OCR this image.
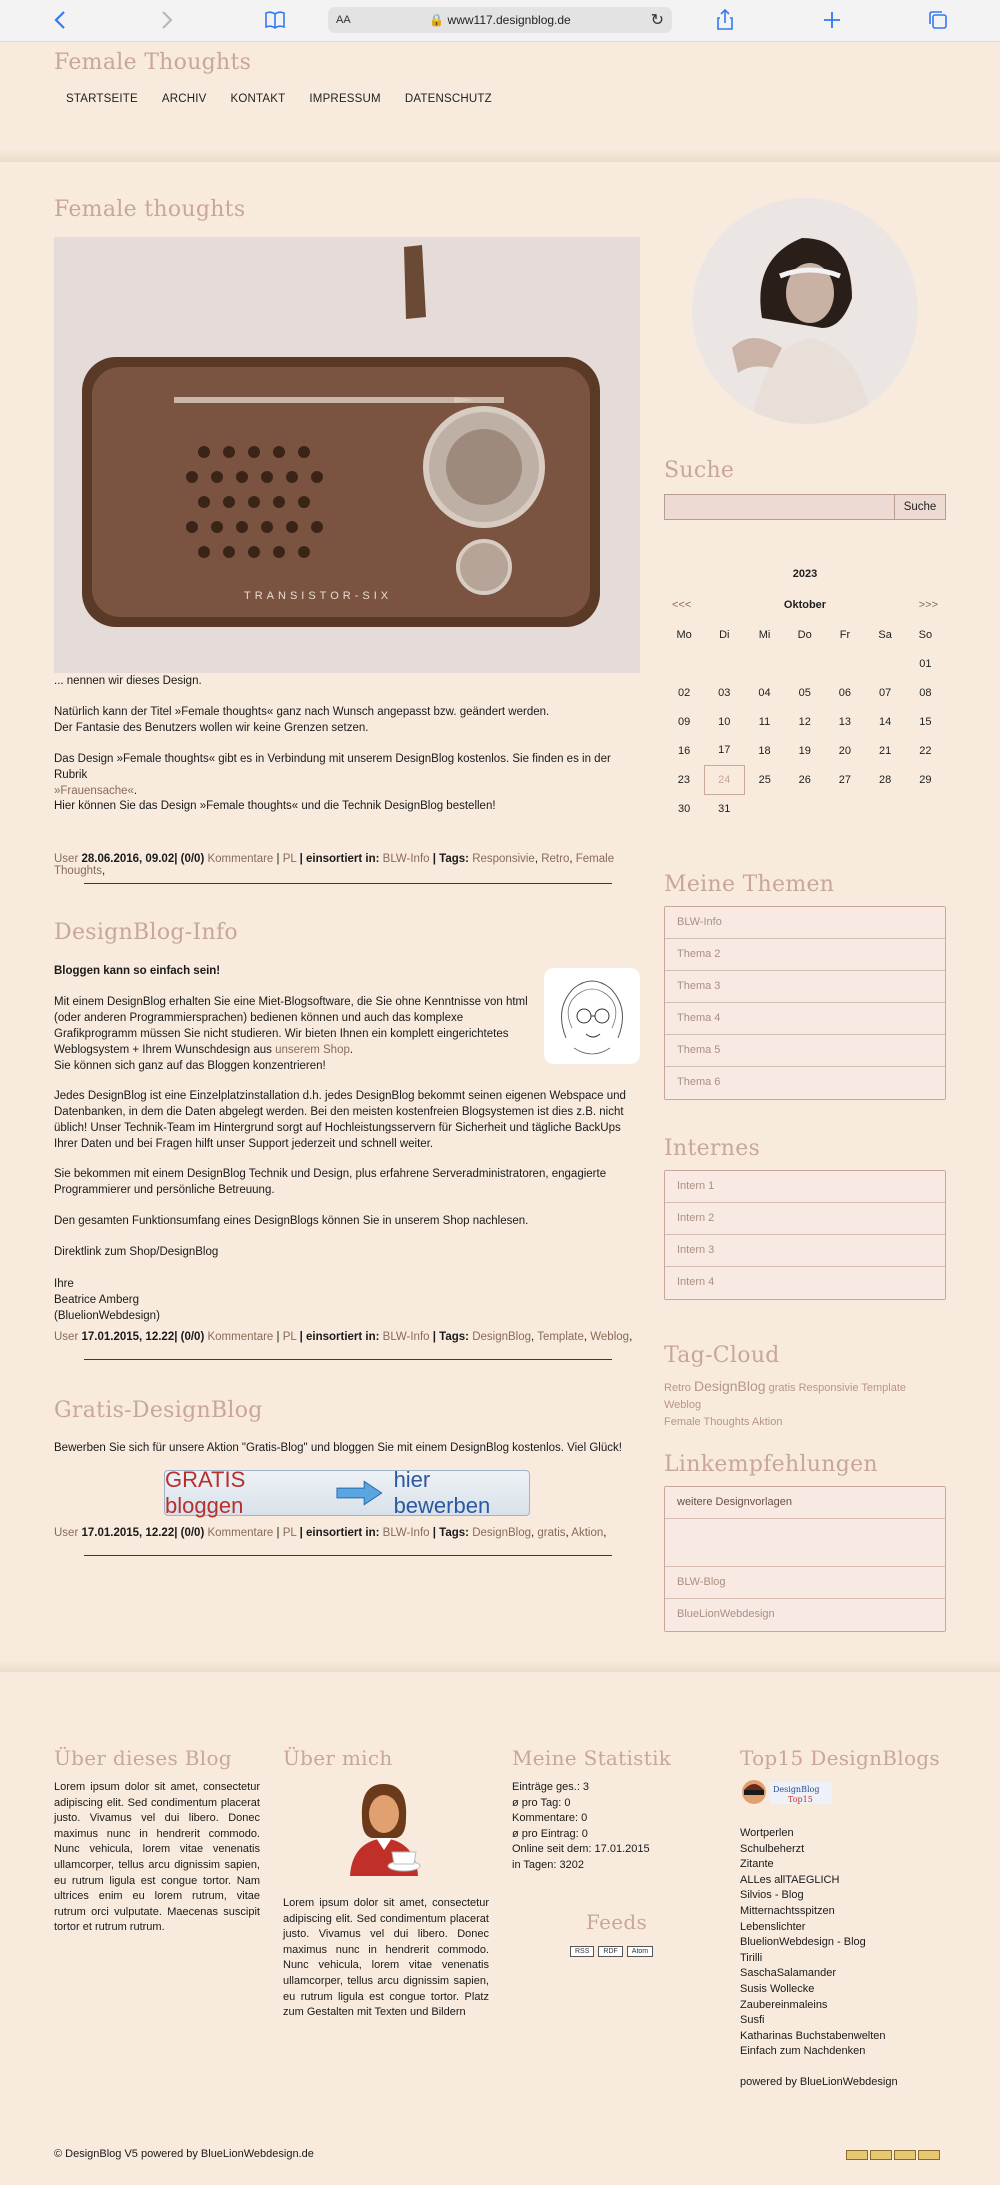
AA	🔒 www117.designblog.de	↻
Female Thoughts
STARTSEITE ARCHIV KONTAKT IMPRESSUM DATENSCHUTZ
Female thoughts
TRANSISTOR-SIX
... nennen wir dieses Design.
Natürlich kann der Titel »Female thoughts« ganz nach Wunsch angepasst bzw. geändert werden.
Der Fantasie des Benutzers wollen wir keine Grenzen setzen.
Das Design »Female thoughts« gibt es in Verbindung mit unserem DesignBlog kostenlos. Sie finden es in der Rubrik
»Frauensache«.
Hier können Sie das Design »Female thoughts« und die Technik DesignBlog bestellen!
User 28.06.2016, 09.02| (0/0) Kommentare | PL | einsortiert in: BLW-Info | Tags: Responsivie, Retro, Female Thoughts,
DesignBlog-Info
Bloggen kann so einfach sein!
Mit einem DesignBlog erhalten Sie eine Miet-Blogsoftware, die Sie ohne Kenntnisse von html (oder anderen Programmiersprachen) bedienen können und auch das komplexe Grafikprogramm müssen Sie nicht studieren. Wir bieten Ihnen ein komplett eingerichtetes Weblogsystem + Ihrem Wunschdesign aus unserem Shop.
Sie können sich ganz auf das Bloggen konzentrieren!
Jedes DesignBlog ist eine Einzelplatzinstallation d.h. jedes DesignBlog bekommt seinen eigenen Webspace und Datenbanken, in dem die Daten abgelegt werden. Bei den meisten kostenfreien Blogsystemen ist dies z.B. nicht üblich! Unser Technik-Team im Hintergrund sorgt auf Hochleistungsservern für Sicherheit und tägliche BackUps Ihrer Daten und bei Fragen hilft unser Support jederzeit und schnell weiter.
Sie bekommen mit einem DesignBlog Technik und Design, plus erfahrene Serveradministratoren, engagierte Programmierer und persönliche Betreuung.
Den gesamten Funktionsumfang eines DesignBlogs können Sie in unserem Shop nachlesen.
Direktlink zum Shop/DesignBlog
Ihre
Beatrice Amberg
(BluelionWebdesign)
User 17.01.2015, 12.22| (0/0) Kommentare | PL | einsortiert in: BLW-Info | Tags: DesignBlog, Template, Weblog,
Gratis-DesignBlog
Bewerben Sie sich für unsere Aktion "Gratis-Blog" und bloggen Sie mit einem DesignBlog kostenlos. Viel Glück!
GRATIS bloggen
hier bewerben
User 17.01.2015, 12.22| (0/0) Kommentare | PL | einsortiert in: BLW-Info | Tags: DesignBlog, gratis, Aktion,
Suche
Suche
2023
<<<	Oktober	>>>
Mo	Di	Mi	Do	Fr	Sa	So
						01
02	03	04	05	06	07	08
09	10	11	12	13	14	15
16	17	18	19	20	21	22
23	24	25	26	27	28	29
30	31					
Meine Themen
BLW-Info
Thema 2
Thema 3
Thema 4
Thema 5
Thema 6
Internes
Intern 1
Intern 2
Intern 3
Intern 4
Tag-Cloud
Retro DesignBlog gratis Responsivie Template Weblog
Female Thoughts Aktion
Linkempfehlungen
weitere Designvorlagen
BLW-Blog
BlueLionWebdesign
Über dieses Blog
Lorem ipsum dolor sit amet, consectetur adipiscing elit. Sed condimentum placerat justo. Vivamus vel dui libero. Donec maximus nunc in hendrerit commodo. Nunc vehicula, lorem vitae venenatis ullamcorper, tellus arcu dignissim sapien, eu rutrum ligula est congue tortor. Nam ultrices enim eu lorem rutrum, vitae rutrum orci vulputate. Maecenas suscipit tortor et rutrum rutrum.
Über mich
Lorem ipsum dolor sit amet, consectetur adipiscing elit. Sed condimentum placerat justo. Vivamus vel dui libero. Donec maximus nunc in hendrerit commodo. Nunc vehicula, lorem vitae venenatis ullamcorper, tellus arcu dignissim sapien, eu rutrum ligula est congue tortor. Platz zum Gestalten mit Texten und Bildern
Meine Statistik
Einträge ges.: 3
ø pro Tag: 0
Kommentare: 0
ø pro Eintrag: 0
Online seit dem: 17.01.2015
in Tagen: 3202
Feeds
RSS	RDF	Atom
Top15 DesignBlogs
DesignBlog
Top15
Wortperlen
Schulbeherzt
Zitante
ALLes allTAEGLICH
Silvios - Blog
Mitternachtsspitzen
Lebenslichter
BluelionWebdesign - Blog
Tirilli
SaschaSalamander
Susis Wollecke
Zaubereinmaleins
Susfi
Katharinas Buchstabenwelten
Einfach zum Nachdenken
powered by BlueLionWebdesign
© DesignBlog V5 powered by BlueLionWebdesign.de
